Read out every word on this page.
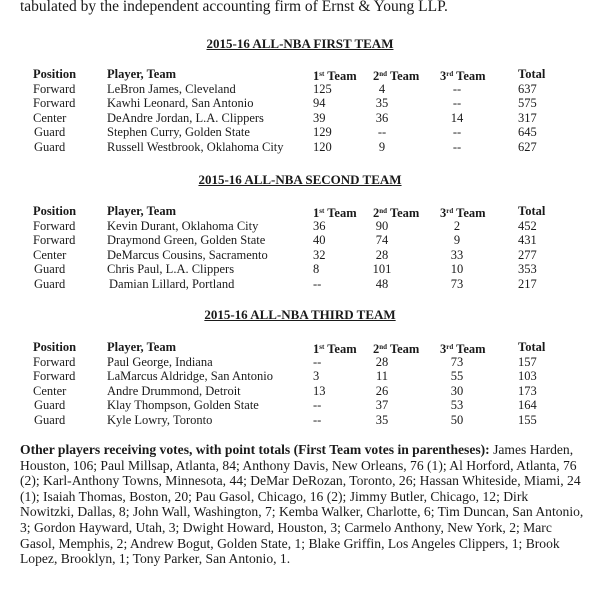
tabulated by the independent accounting firm of Ernst & Young LLP.
2015-16 ALL-NBA FIRST TEAM
Position Player, Team	1st Team 2nd Team 3rd Team	Total
Forward	LeBron James, Cleveland	125	4	--	637
Forward	Kawhi Leonard, San Antonio	94	35	--	575
Center	DeAndre Jordan, L.A. Clippers	39	36	14	317
Guard	Stephen Curry, Golden State	129	--	--	645
Guard	Russell Westbrook, Oklahoma City 120	9	--	627
2015-16 ALL-NBA SECOND TEAM
Position Player, Team	1st Team 2nd Team 3rd Team	Total
Forward	Kevin Durant, Oklahoma City	36	90	2	452
Forward	Draymond Green, Golden State	40	74	9	431
Center	DeMarcus Cousins, Sacramento	32	28	33	277
Guard	Chris Paul, L.A. Clippers	8	101	10	353
Guard	Damian Lillard, Portland	--	48	73	217
2015-16 ALL-NBA THIRD TEAM
Position Player, Team	1st Team 2nd Team 3rd Team	Total
Forward	Paul George, Indiana	--	28	73	157
Forward	LaMarcus Aldridge, San Antonio	3	11	55	103
Center	Andre Drummond, Detroit	13	26	30	173
Guard	Klay Thompson, Golden State	--	37	53	164
Guard	Kyle Lowry, Toronto	--	35	50	155
Other players receiving votes, with point totals (First Team votes in parentheses): James Harden, Houston, 106; Paul Millsap, Atlanta, 84; Anthony Davis, New Orleans, 76 (1); Al Horford, Atlanta, 76 (2); Karl-Anthony Towns, Minnesota, 44; DeMar DeRozan, Toronto, 26; Hassan Whiteside, Miami, 24 (1); Isaiah Thomas, Boston, 20; Pau Gasol, Chicago, 16 (2); Jimmy Butler, Chicago, 12; Dirk Nowitzki, Dallas, 8; John Wall, Washington, 7; Kemba Walker, Charlotte, 6; Tim Duncan, San Antonio, 3; Gordon Hayward, Utah, 3; Dwight Howard, Houston, 3; Carmelo Anthony, New York, 2; Marc Gasol, Memphis, 2; Andrew Bogut, Golden State, 1; Blake Griffin, Los Angeles Clippers, 1; Brook Lopez, Brooklyn, 1; Tony Parker, San Antonio, 1.
